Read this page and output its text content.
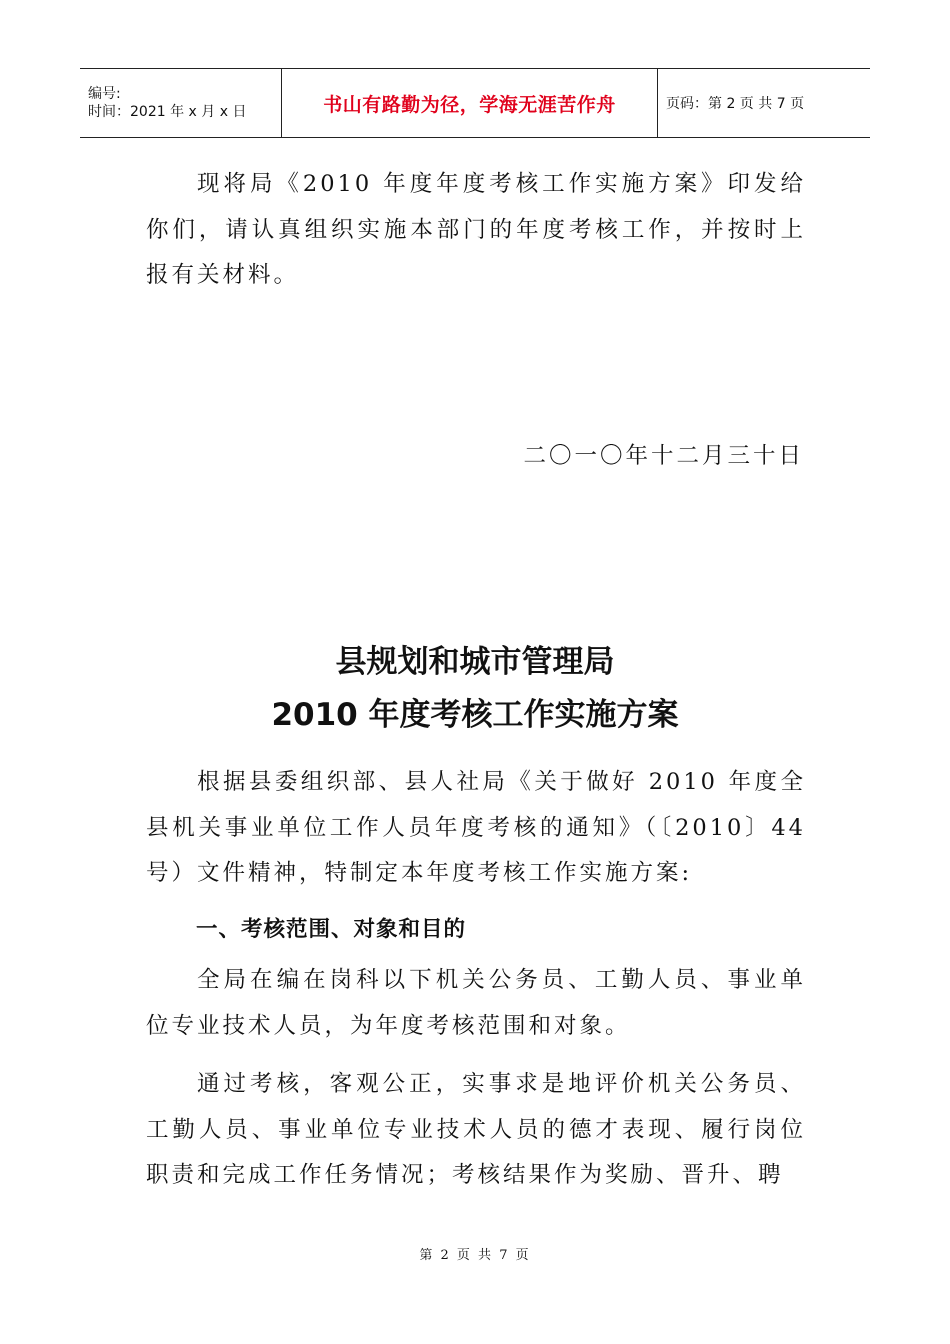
编号:
时间：2021 年 x 月 x 日	书山有路勤为径，学海无涯苦作舟	页码：第 2 页 共 7 页

现将局《2010 年度年度考核工作实施方案》印发给你们，请认真组织实施本部门的年度考核工作，并按时上报有关材料。

二〇一〇年十二月三十日
县规划和城市管理局
2010 年度考核工作实施方案

根据县委组织部、县人社局《关于做好 2010 年度全县机关事业单位工作人员年度考核的通知》（〔2010〕44 号）文件精神，特制定本年度考核工作实施方案:

一、考核范围、对象和目的

全局在编在岗科以下机关公务员、工勤人员、事业单位专业技术人员，为年度考核范围和对象。

通过考核，客观公正，实事求是地评价机关公务员、工勤人员、事业单位专业技术人员的德才表现、履行岗位职责和完成工作任务情况；考核结果作为奖励、晋升、聘

第 2 页 共 7 页
